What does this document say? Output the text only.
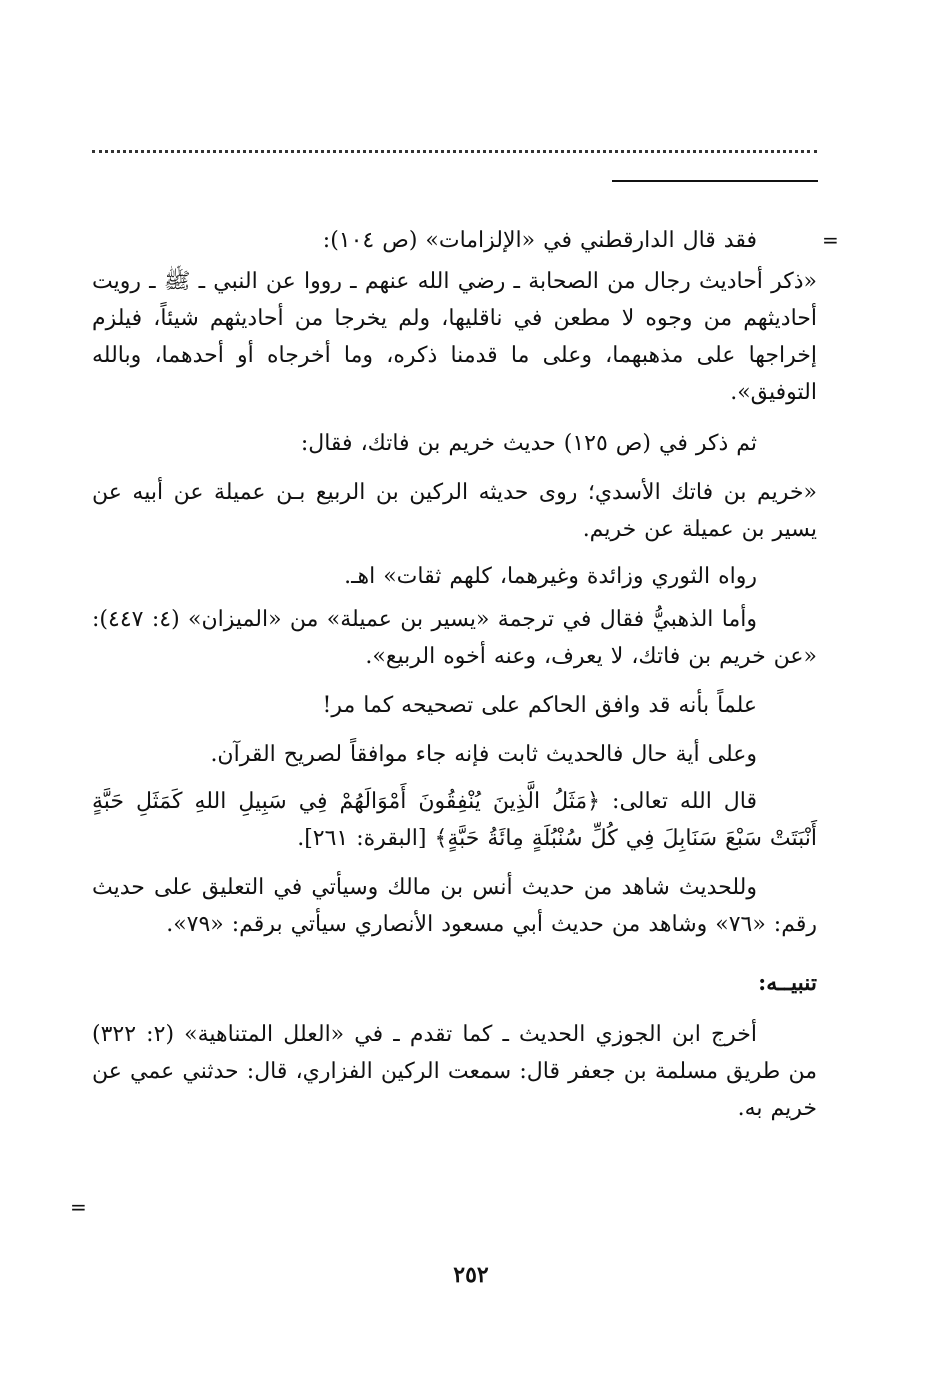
=

فقد قال الدارقطني في «الإلزامات» (ص ١٠٤):

«ذكر أحاديث رجال من الصحابة ـ رضي الله عنهم ـ رووا عن النبي ـ ﷺ ـ رويت أحاديثهم من وجوه لا مطعن في ناقليها، ولم يخرجا من أحاديثهم شيئاً، فيلزم إخراجها على مذهبهما، وعلى ما قدمنا ذكره، وما أخرجاه أو أحدهما، وبالله التوفيق».

ثم ذكر في (ص ١٢٥) حديث خريم بن فاتك، فقال:

«خريم بن فاتك الأسدي؛ روى حديثه الركين بن الربيع بـن عميلة عن أبيه عن يسير بن عميلة عن خريم.

رواه الثوري وزائدة وغيرهما، كلهم ثقات» اهـ.

وأما الذهبيُّ فقال في ترجمة «يسير بن عميلة» من «الميزان» (٤: ٤٤٧): «عن خريم بن فاتك، لا يعرف، وعنه أخوه الربيع».

علماً بأنه قد وافق الحاكم على تصحيحه كما مر!

وعلى أية حال فالحديث ثابت فإنه جاء موافقاً لصريح القرآن.

قال الله تعالى: ﴿مَثَلُ الَّذِينَ يُنْفِقُونَ أَمْوَالَهُمْ فِي سَبِيلِ اللهِ كَمَثَلِ حَبَّةٍ أَنْبَتَتْ سَبْعَ سَنَابِلَ فِي كُلِّ سُنْبُلَةٍ مِائَةُ حَبَّةٍ﴾ [البقرة: ٢٦١].

وللحديث شاهد من حديث أنس بن مالك وسيأتي في التعليق على حديث رقم: «٧٦» وشاهد من حديث أبي مسعود الأنصاري سيأتي برقم: «٧٩».

تنبيــه:

أخرج ابن الجوزي الحديث ـ كما تقدم ـ في «العلل المتناهية» (٢: ٣٢٢) من طريق مسلمة بن جعفر قال: سمعت الركين الفزاري، قال: حدثني عمي عن خريم به.

=
٢٥٢
